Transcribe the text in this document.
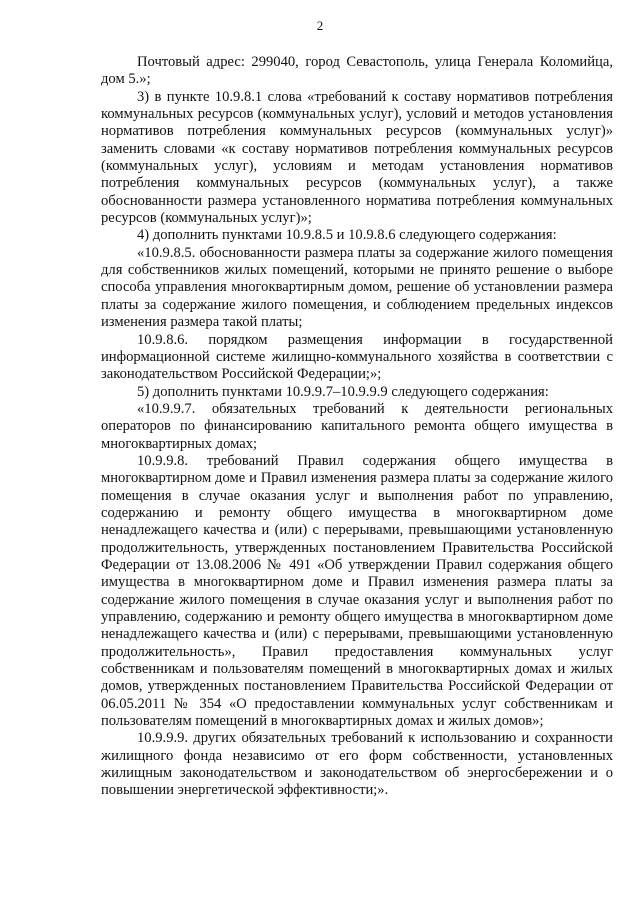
2

Почтовый адрес: 299040, город Севастополь, улица Генерала Коломийца, дом 5.»;

3) в пункте 10.9.8.1 слова «требований к составу нормативов потребления коммунальных ресурсов (коммунальных услуг), условий и методов установления нормативов потребления коммунальных ресурсов (коммунальных услуг)» заменить словами «к составу нормативов потребления коммунальных ресурсов (коммунальных услуг), условиям и методам установления нормативов потребления коммунальных ресурсов (коммунальных услуг), а также обоснованности размера установленного норматива потребления коммунальных ресурсов (коммунальных услуг)»;

4) дополнить пунктами 10.9.8.5 и 10.9.8.6 следующего содержания:

«10.9.8.5. обоснованности размера платы за содержание жилого помещения для собственников жилых помещений, которыми не принято решение о выборе способа управления многоквартирным домом, решение об установлении размера платы за содержание жилого помещения, и соблюдением предельных индексов изменения размера такой платы;

10.9.8.6. порядком размещения информации в государственной информационной системе жилищно-коммунального хозяйства в соответствии с законодательством Российской Федерации;»;

5) дополнить пунктами 10.9.9.7–10.9.9.9 следующего содержания:

«10.9.9.7. обязательных требований к деятельности региональных операторов по финансированию капитального ремонта общего имущества в многоквартирных домах;

10.9.9.8. требований Правил содержания общего имущества в многоквартирном доме и Правил изменения размера платы за содержание жилого помещения в случае оказания услуг и выполнения работ по управлению, содержанию и ремонту общего имущества в многоквартирном доме ненадлежащего качества и (или) с перерывами, превышающими установленную продолжительность, утвержденных постановлением Правительства Российской Федерации от 13.08.2006 № 491 «Об утверждении Правил содержания общего имущества в многоквартирном доме и Правил изменения размера платы за содержание жилого помещения в случае оказания услуг и выполнения работ по управлению, содержанию и ремонту общего имущества в многоквартирном доме ненадлежащего качества и (или) с перерывами, превышающими установленную продолжительность», Правил предоставления коммунальных услуг собственникам и пользователям помещений в многоквартирных домах и жилых домов, утвержденных постановлением Правительства Российской Федерации от 06.05.2011 № 354 «О предоставлении коммунальных услуг собственникам и пользователям помещений в многоквартирных домах и жилых домов»;

10.9.9.9. других обязательных требований к использованию и сохранности жилищного фонда независимо от его форм собственности, установленных жилищным законодательством и законодательством об энергосбережении и о повышении энергетической эффективности;».
